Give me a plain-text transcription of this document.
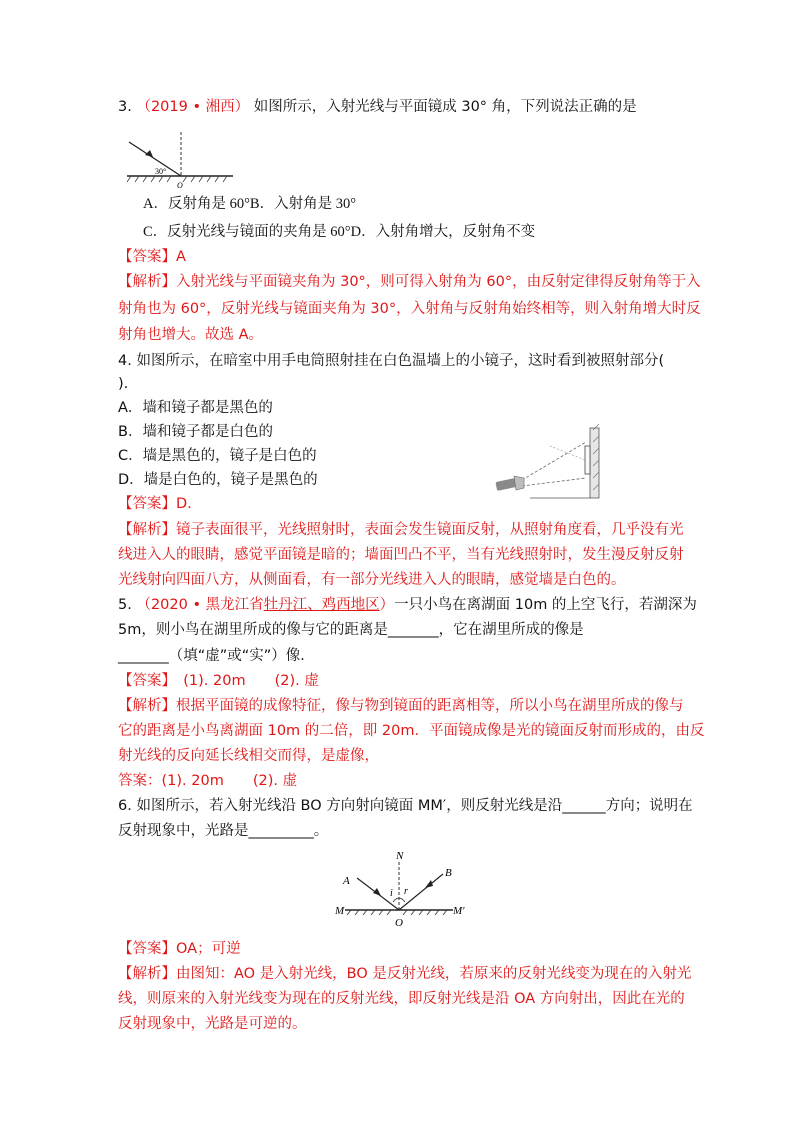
3. （2019 • 湘西） 如图所示，入射光线与平面镜成 30° 角，下列说法正确的是
30°
O
A．反射角是 60°B．入射角是 30°
C．反射光线与镜面的夹角是 60°D．入射角增大，反射角不变
【答案】A
【解析】入射光线与平面镜夹角为 30°，则可得入射角为 60°，由反射定律得反射角等于入
射角也为 60°，反射光线与镜面夹角为 30°，入射角与反射角始终相等，则入射角增大时反
射角也增大。故选 A。
4. 如图所示，在暗室中用手电筒照射挂在白色温墙上的小镜子，这时看到被照射部分(
).
A．墙和镜子都是黑色的
B．墙和镜子都是白色的
C．墙是黑色的，镜子是白色的
D．墙是白色的，镜子是黑色的
【答案】D.
【解析】镜子表面很平，光线照射时，表面会发生镜面反射，从照射角度看，几乎没有光
线进入人的眼睛，感觉平面镜是暗的；墙面凹凸不平，当有光线照射时，发生漫反射反射
光线射向四面八方，从侧面看，有一部分光线进入人的眼睛，感觉墙是白色的。
5. （2020 • 黑龙江省牡丹江、鸡西地区）一只小鸟在离湖面 10m 的上空飞行，若湖深为
5m，则小鸟在湖里所成的像与它的距离是_______，它在湖里所成的像是
_______（填“虚”或“实”）像．
【答案】　(1). 20m　　(2). 虚
【解析】根据平面镜的成像特征，像与物到镜面的距离相等，所以小鸟在湖里所成的像与
它的距离是小鸟离湖面 10m 的二倍，即 20m．平面镜成像是光的镜面反射而形成的，由反
射光线的反向延长线相交而得，是虚像，
答案：(1). 20m　　(2). 虚
6. 如图所示，若入射光线沿 BO 方向射向镜面 MM′，则反射光线是沿______方向；说明在
反射现象中，光路是_________。
N
A
B
i r
M	M′
O
【答案】OA；可逆
【解析】由图知：AO 是入射光线，BO 是反射光线，若原来的反射光线变为现在的入射光
线，则原来的入射光线变为现在的反射光线，即反射光线是沿 OA 方向射出，因此在光的
反射现象中，光路是可逆的。
